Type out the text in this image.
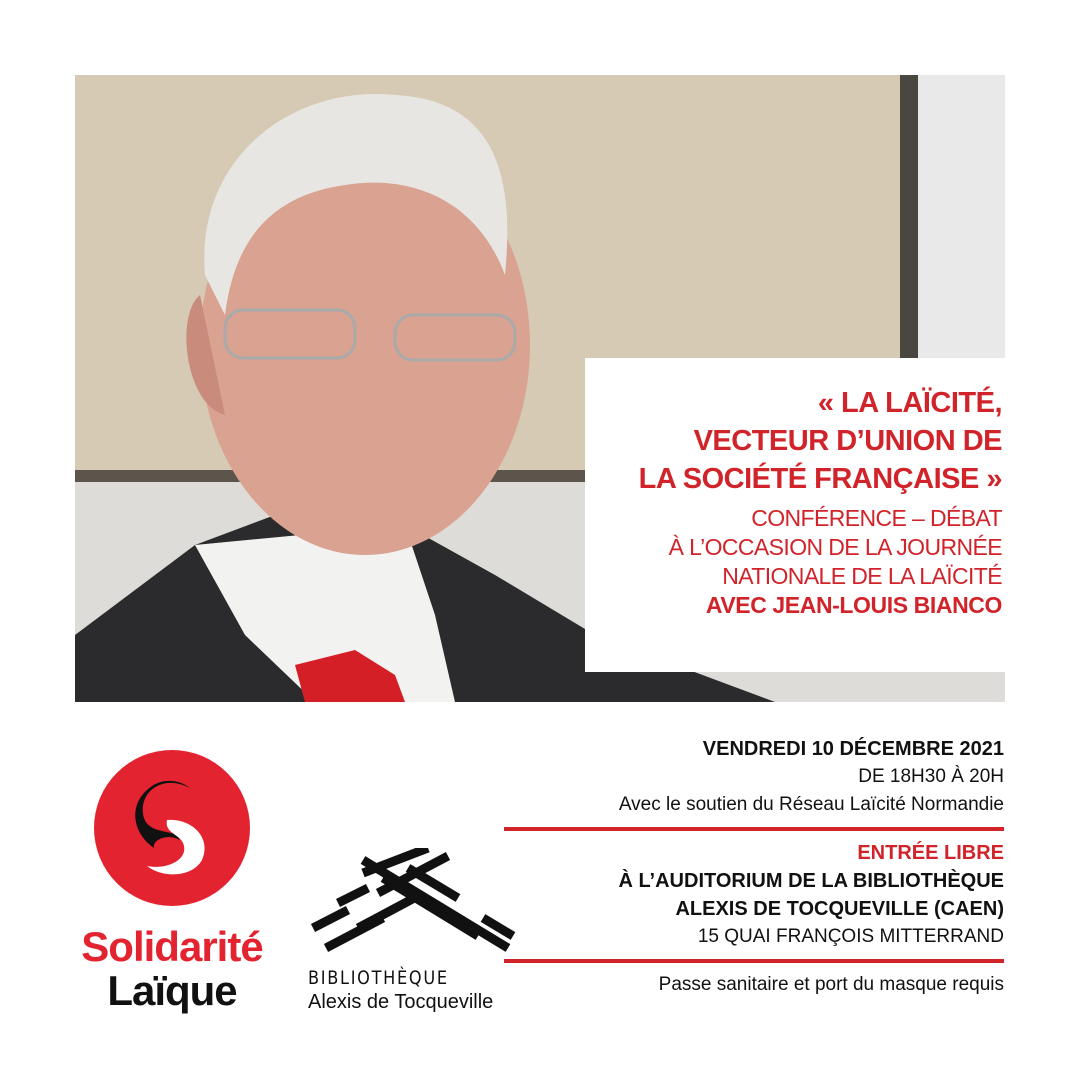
« LA LAÏCITÉ,
VECTEUR D’UNION DE
LA SOCIÉTÉ FRANÇAISE »
CONFÉRENCE – DÉBAT
À L’OCCASION DE LA JOURNÉE
NATIONALE DE LA LAÏCITÉ
AVEC JEAN-LOUIS BIANCO
VENDREDI 10 DÉCEMBRE 2021
DE 18H30 À 20H
Avec le soutien du Réseau Laïcité Normandie
ENTRÉE LIBRE
À L’AUDITORIUM DE LA BIBLIOTHÈQUE
ALEXIS DE TOCQUEVILLE (CAEN)
15 QUAI FRANÇOIS MITTERRAND
Passe sanitaire et port du masque requis
Solidarité
Laïque	BIBLIOTHÈQUE
Alexis de Tocqueville
